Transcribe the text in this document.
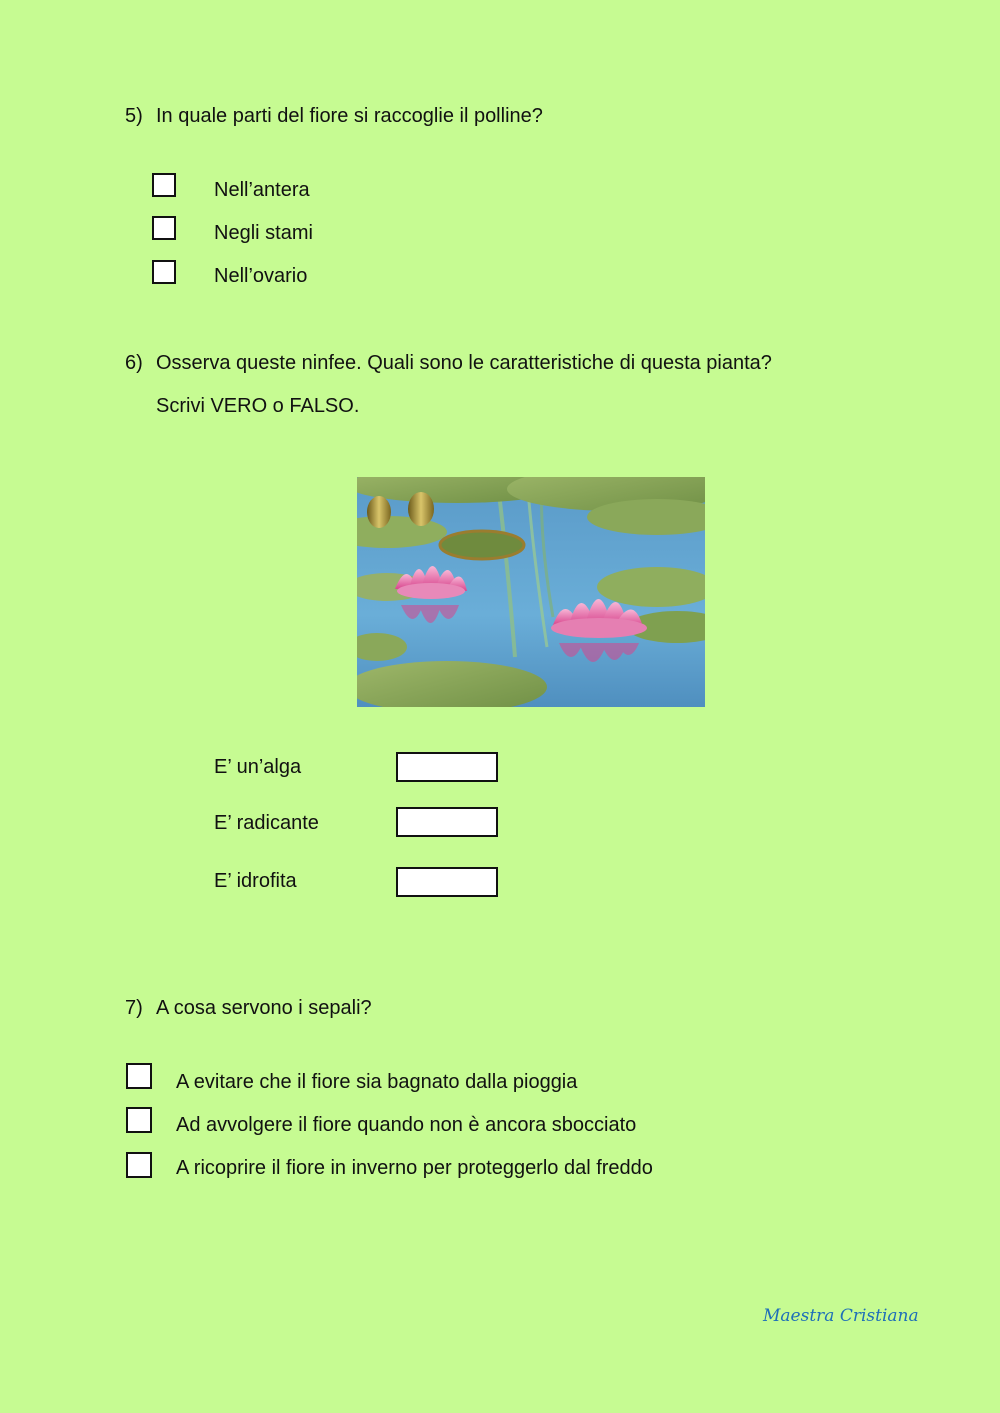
5) In quale parti del fiore si raccoglie il polline?
Nell’antera
Negli stami
Nell’ovario
6) Osserva queste ninfee. Quali sono le caratteristiche di questa pianta?
Scrivi VERO o FALSO.
E’ un’alga
E’ radicante
E’ idrofita
7) A cosa servono i sepali?
A evitare che il fiore sia bagnato dalla pioggia
Ad avvolgere il fiore quando non è ancora sbocciato
A ricoprire il fiore in inverno per proteggerlo dal freddo
Maestra Cristiana
